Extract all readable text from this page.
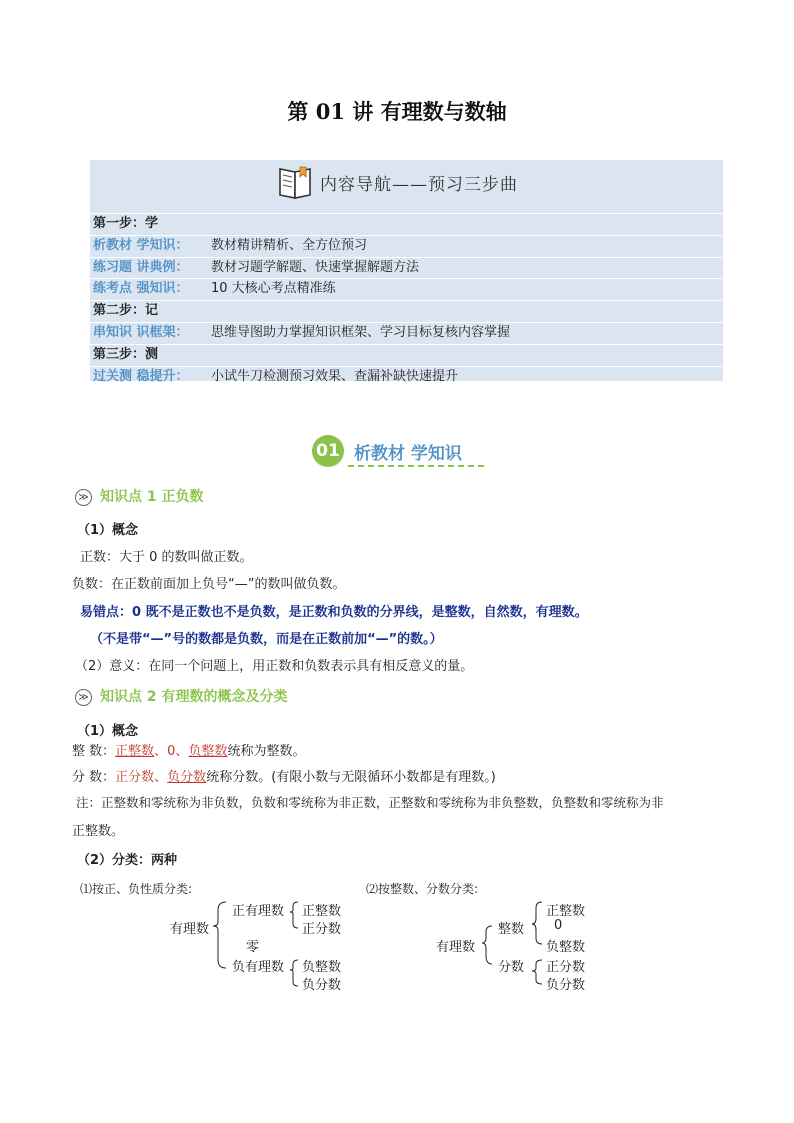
第 01 讲 有理数与数轴
内容导航——预习三步曲
第一步：学
析教材 学知识： 教材精讲精析、全方位预习
练习题 讲典例： 教材习题学解题、快速掌握解题方法
练考点 强知识： 10 大核心考点精准练
第二步：记
串知识 识框架： 思维导图助力掌握知识框架、学习目标复核内容掌握
第三步：测
过关测 稳提升： 小试牛刀检测预习效果、查漏补缺快速提升
01 析教材 学知识
≫ 知识点 1 正负数
（1）概念
正数：大于 0 的数叫做正数。
负数：在正数前面加上负号“—”的数叫做负数。
易错点：0 既不是正数也不是负数，是正数和负数的分界线，是整数，自然数，有理数。
（不是带“—”号的数都是负数，而是在正数前加“—”的数。）
（2）意义：在同一个问题上，用正数和负数表示具有相反意义的量。
≫ 知识点 2 有理数的概念及分类
（1）概念
整 数：正整数、0、负整数统称为整数。
分 数：正分数、负分数统称分数。(有限小数与无限循环小数都是有理数。)
注：正整数和零统称为非负数，负数和零统称为非正数，正整数和零统称为非负整数，负整数和零统称为非
正整数。
（2）分类：两种
⑴按正、负性质分类:
有理数
正有理数 正整数
正分数
零
负有理数 负整数
负分数
⑵按整数、分数分类:
有理数
整数
正整数
0
负整数
分数 正分数
负分数
